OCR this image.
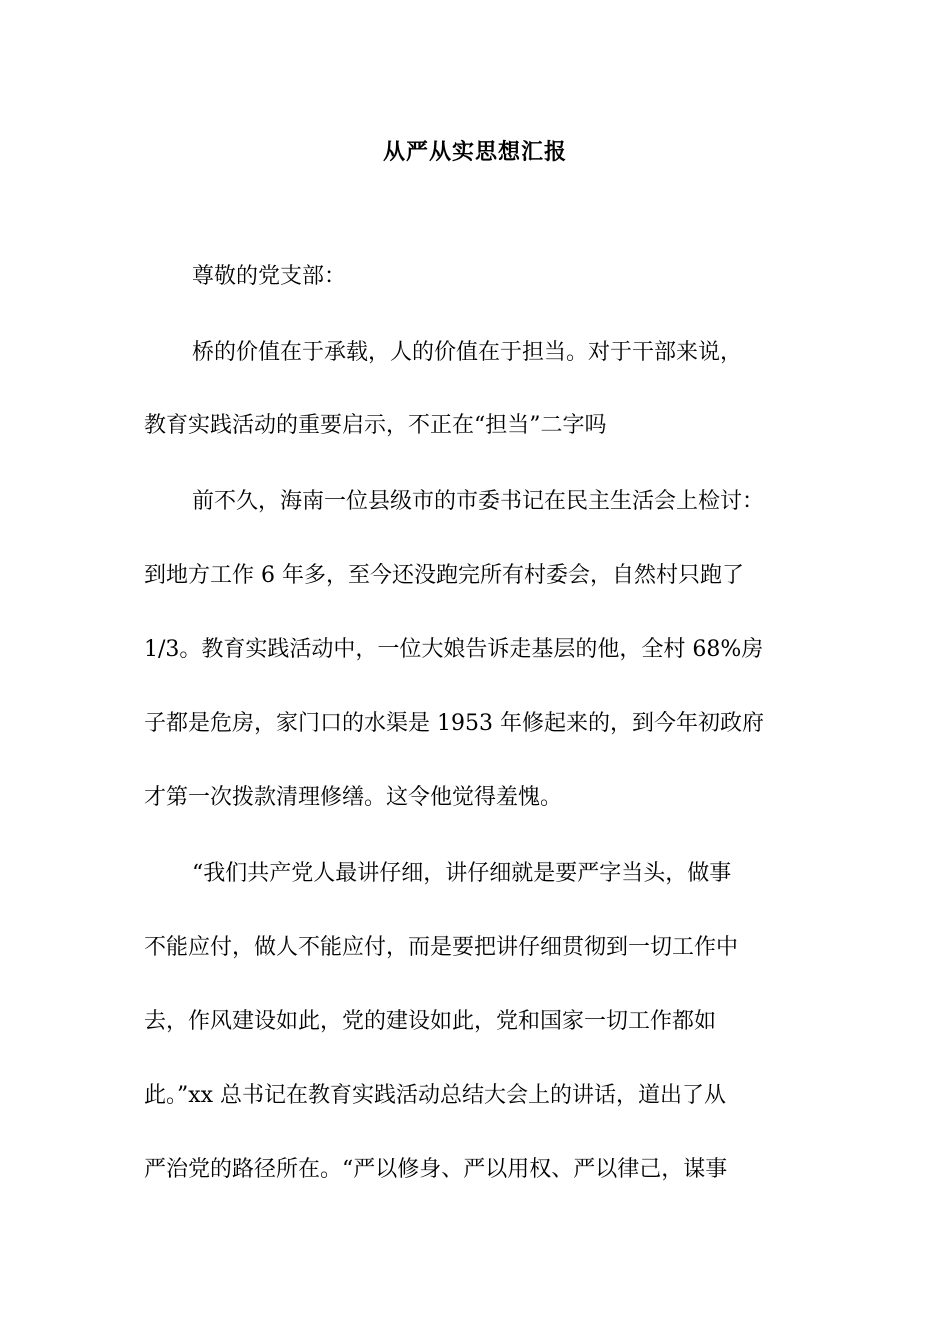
从严从实思想汇报
尊敬的党支部：
桥的价值在于承载，人的价值在于担当。对于干部来说，
教育实践活动的重要启示，不正在“担当”二字吗
前不久，海南一位县级市的市委书记在民主生活会上检讨：
到地方工作 6 年多，至今还没跑完所有村委会，自然村只跑了
1/3。教育实践活动中，一位大娘告诉走基层的他，全村 68%房
子都是危房，家门口的水渠是 1953 年修起来的，到今年初政府
才第一次拨款清理修缮。这令他觉得羞愧。
“我们共产党人最讲仔细，讲仔细就是要严字当头，做事
不能应付，做人不能应付，而是要把讲仔细贯彻到一切工作中
去，作风建设如此，党的建设如此，党和国家一切工作都如
此。”xx 总书记在教育实践活动总结大会上的讲话，道出了从
严治党的路径所在。“严以修身、严以用权、严以律己，谋事
